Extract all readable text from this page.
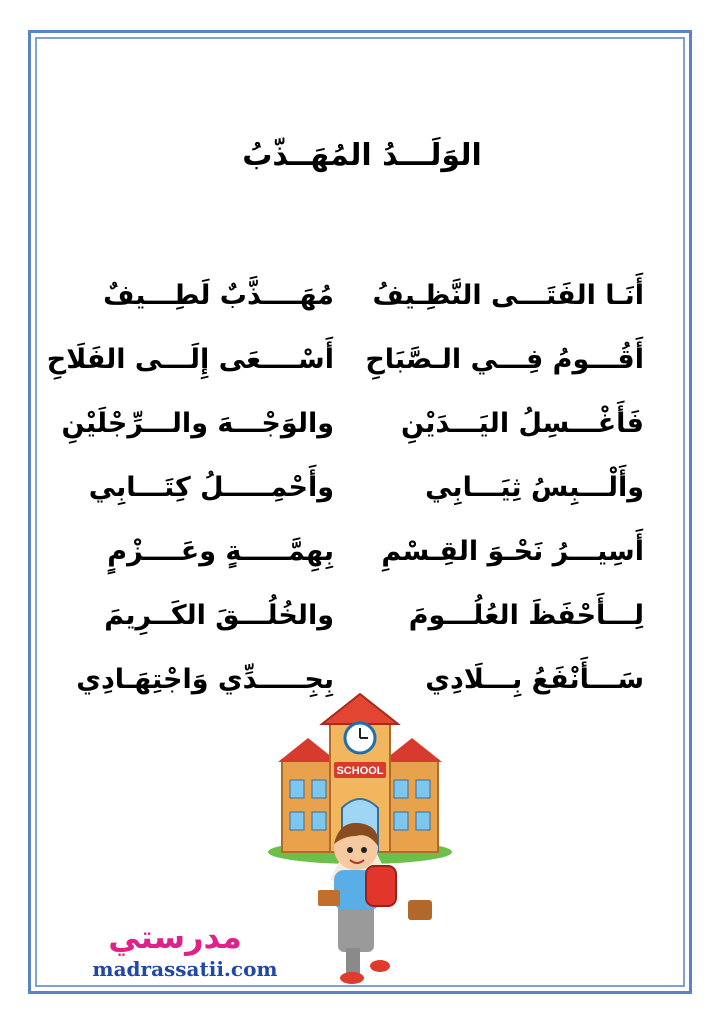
الوَلَـــدُ المُهَــذّبُ
أَنَـا الفَتَـــى النَّظِـيفُ
مُهَــــذَّبٌ لَطِـــيفٌ
أَقُـــومُ فِـــي الـصَّبَاحِ
أَسْــــعَى إِلَـــى الفَلَاحِ
فَأَغْـــسِلُ اليَـــدَيْنِ
والوَجْـــهَ والـــرِّجْلَيْنِ
وأَلْـــبِسُ ثِيَـــابِي
وأَحْمِـــــلُ كِتَـــابِي
أَسِيـــرُ نَحْـوَ القِـسْمِ
بِهِمَّـــــةٍ وعَــــزْمٍ
لِـــأَحْفَظَ العُلُـــومَ
والخُلُـــقَ الكَــرِيمَ
سَـــأَنْفَعُ بِـــلَادِي
بِجِـــــدِّي وَاجْتِهَـادِي
SCHOOL
مدرستي
madrassatii.com
